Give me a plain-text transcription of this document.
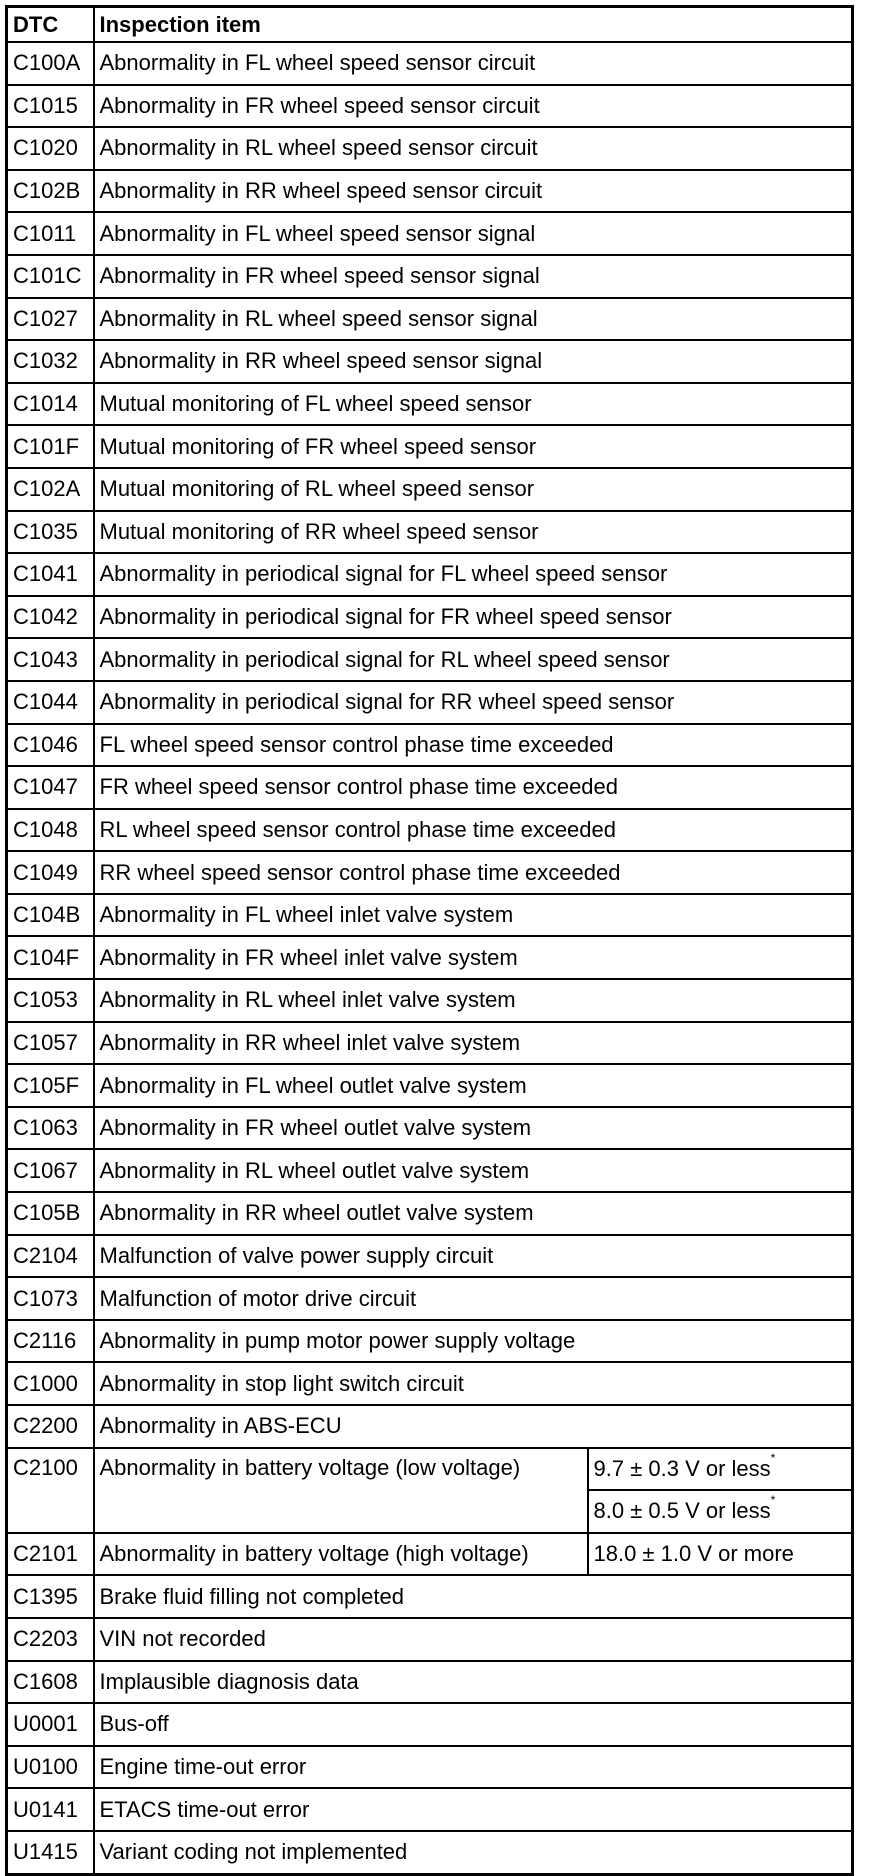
DTC	Inspection item	
C100A	Abnormality in FL wheel speed sensor circuit	
C1015	Abnormality in FR wheel speed sensor circuit	
C1020	Abnormality in RL wheel speed sensor circuit	
C102B	Abnormality in RR wheel speed sensor circuit	
C1011	Abnormality in FL wheel speed sensor signal	
C101C	Abnormality in FR wheel speed sensor signal	
C1027	Abnormality in RL wheel speed sensor signal	
C1032	Abnormality in RR wheel speed sensor signal	
C1014	Mutual monitoring of FL wheel speed sensor	
C101F	Mutual monitoring of FR wheel speed sensor	
C102A	Mutual monitoring of RL wheel speed sensor	
C1035	Mutual monitoring of RR wheel speed sensor	
C1041	Abnormality in periodical signal for FL wheel speed sensor	
C1042	Abnormality in periodical signal for FR wheel speed sensor	
C1043	Abnormality in periodical signal for RL wheel speed sensor	
C1044	Abnormality in periodical signal for RR wheel speed sensor	
C1046	FL wheel speed sensor control phase time exceeded	
C1047	FR wheel speed sensor control phase time exceeded	
C1048	RL wheel speed sensor control phase time exceeded	
C1049	RR wheel speed sensor control phase time exceeded	
C104B	Abnormality in FL wheel inlet valve system	
C104F	Abnormality in FR wheel inlet valve system	
C1053	Abnormality in RL wheel inlet valve system	
C1057	Abnormality in RR wheel inlet valve system	
C105F	Abnormality in FL wheel outlet valve system	
C1063	Abnormality in FR wheel outlet valve system	
C1067	Abnormality in RL wheel outlet valve system	
C105B	Abnormality in RR wheel outlet valve system	
C2104	Malfunction of valve power supply circuit	
C1073	Malfunction of motor drive circuit	
C2116	Abnormality in pump motor power supply voltage	
C1000	Abnormality in stop light switch circuit	
C2200	Abnormality in ABS-ECU	
C2100	Abnormality in battery voltage (low voltage)	9.7 ± 0.3 V or less*
		8.0 ± 0.5 V or less*
C2101	Abnormality in battery voltage (high voltage)	18.0 ± 1.0 V or more
C1395	Brake fluid filling not completed	
C2203	VIN not recorded	
C1608	Implausible diagnosis data	
U0001	Bus-off	
U0100	Engine time-out error	
U0141	ETACS time-out error	
U1415	Variant coding not implemented	
